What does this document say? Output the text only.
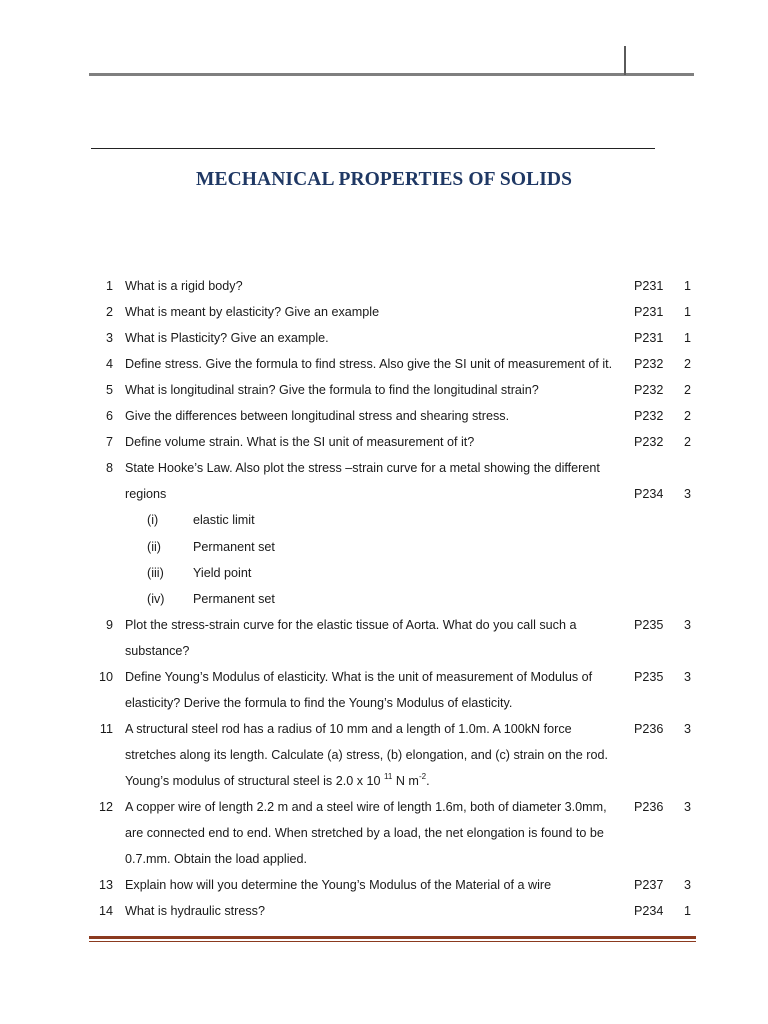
MECHANICAL PROPERTIES OF SOLIDS
1 What is a rigid body?	P231 1
2 What is meant by elasticity? Give an example	P231 1
3 What is Plasticity? Give an example.	P231 1
4 Define stress. Give the formula to find stress. Also give the SI unit of measurement of it. P232 2
5 What is longitudinal strain? Give the formula to find the longitudinal strain?	P232 2
6 Give the differences between longitudinal stress and shearing stress.	P232 2
7 Define volume strain. What is the SI unit of measurement of it?	P232 2
8 State Hooke’s Law. Also plot the stress –strain curve for a metal showing the different
regions	P234 3
(i)	elastic limit
(ii)	Permanent set
(iii) Yield point
(iv) Permanent set
9 Plot the stress-strain curve for the elastic tissue of Aorta. What do you call such a	P235 3
substance?
10 Define Young’s Modulus of elasticity. What is the unit of measurement of Modulus of	P235 3
elasticity? Derive the formula to find the Young’s Modulus of elasticity.
11 A structural steel rod has a radius of 10 mm and a length of 1.0m. A 100kN force	P236 3
stretches along its length. Calculate (a) stress, (b) elongation, and (c) strain on the rod.
Young’s modulus of structural steel is 2.0 x 10 $^{11}$ N $m^{-2}$.
12 A copper wire of length 2.2 m and a steel wire of length 1.6m, both of diameter 3.0mm, P236 3
are connected end to end. When stretched by a load, the net elongation is found to be
0.7.mm. Obtain the load applied.
13 Explain how will you determine the Young’s Modulus of the Material of a wire	P237 3
14 What is hydraulic stress?	P234 1
